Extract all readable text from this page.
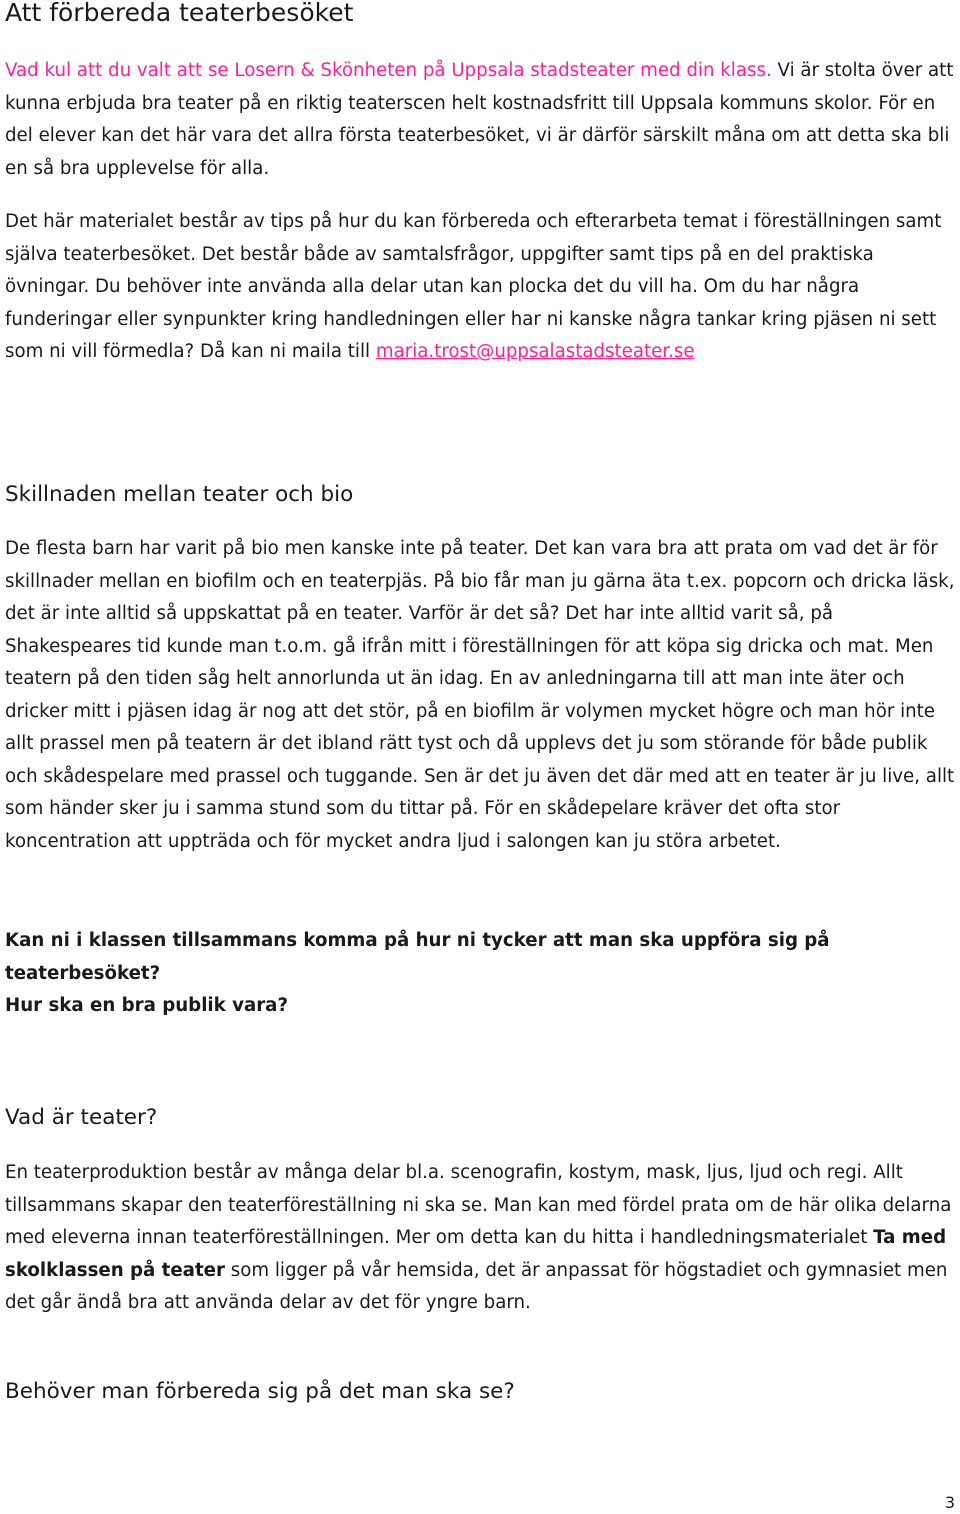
Att förbereda teaterbesöket

Vad kul att du valt att se Losern & Skönheten på Uppsala stadsteater med din klass. Vi är stolta över att kunna erbjuda bra teater på en riktig teaterscen helt kostnadsfritt till Uppsala kommuns skolor. För en del elever kan det här vara det allra första teaterbesöket, vi är därför särskilt måna om att detta ska bli en så bra upplevelse för alla.

Det här materialet består av tips på hur du kan förbereda och efterarbeta temat i föreställningen samt själva teaterbesöket. Det består både av samtalsfrågor, uppgifter samt tips på en del praktiska övningar. Du behöver inte använda alla delar utan kan plocka det du vill ha. Om du har några funderingar eller synpunkter kring handledningen eller har ni kanske några tankar kring pjäsen ni sett som ni vill förmedla? Då kan ni maila till maria.trost@uppsalastadsteater.se

Skillnaden mellan teater och bio

De flesta barn har varit på bio men kanske inte på teater. Det kan vara bra att prata om vad det är för skillnader mellan en biofilm och en teaterpjäs. På bio får man ju gärna äta t.ex. popcorn och dricka läsk, det är inte alltid så uppskattat på en teater. Varför är det så? Det har inte alltid varit så, på Shakespeares tid kunde man t.o.m. gå ifrån mitt i föreställningen för att köpa sig dricka och mat. Men teatern på den tiden såg helt annorlunda ut än idag. En av anledningarna till att man inte äter och dricker mitt i pjäsen idag är nog att det stör, på en biofilm är volymen mycket högre och man hör inte allt prassel men på teatern är det ibland rätt tyst och då upplevs det ju som störande för både publik och skådespelare med prassel och tuggande. Sen är det ju även det där med att en teater är ju live, allt som händer sker ju i samma stund som du tittar på. För en skådepelare kräver det ofta stor koncentration att uppträda och för mycket andra ljud i salongen kan ju störa arbetet.

Kan ni i klassen tillsammans komma på hur ni tycker att man ska uppföra sig på teaterbesöket?

Hur ska en bra publik vara?

Vad är teater?

En teaterproduktion består av många delar bl.a. scenografin, kostym, mask, ljus, ljud och regi. Allt tillsammans skapar den teaterföreställning ni ska se. Man kan med fördel prata om de här olika delarna med eleverna innan teaterföreställningen. Mer om detta kan du hitta i handledningsmaterialet Ta med skolklassen på teater som ligger på vår hemsida, det är anpassat för högstadiet och gymnasiet men det går ändå bra att använda delar av det för yngre barn.

Behöver man förbereda sig på det man ska se?
3
